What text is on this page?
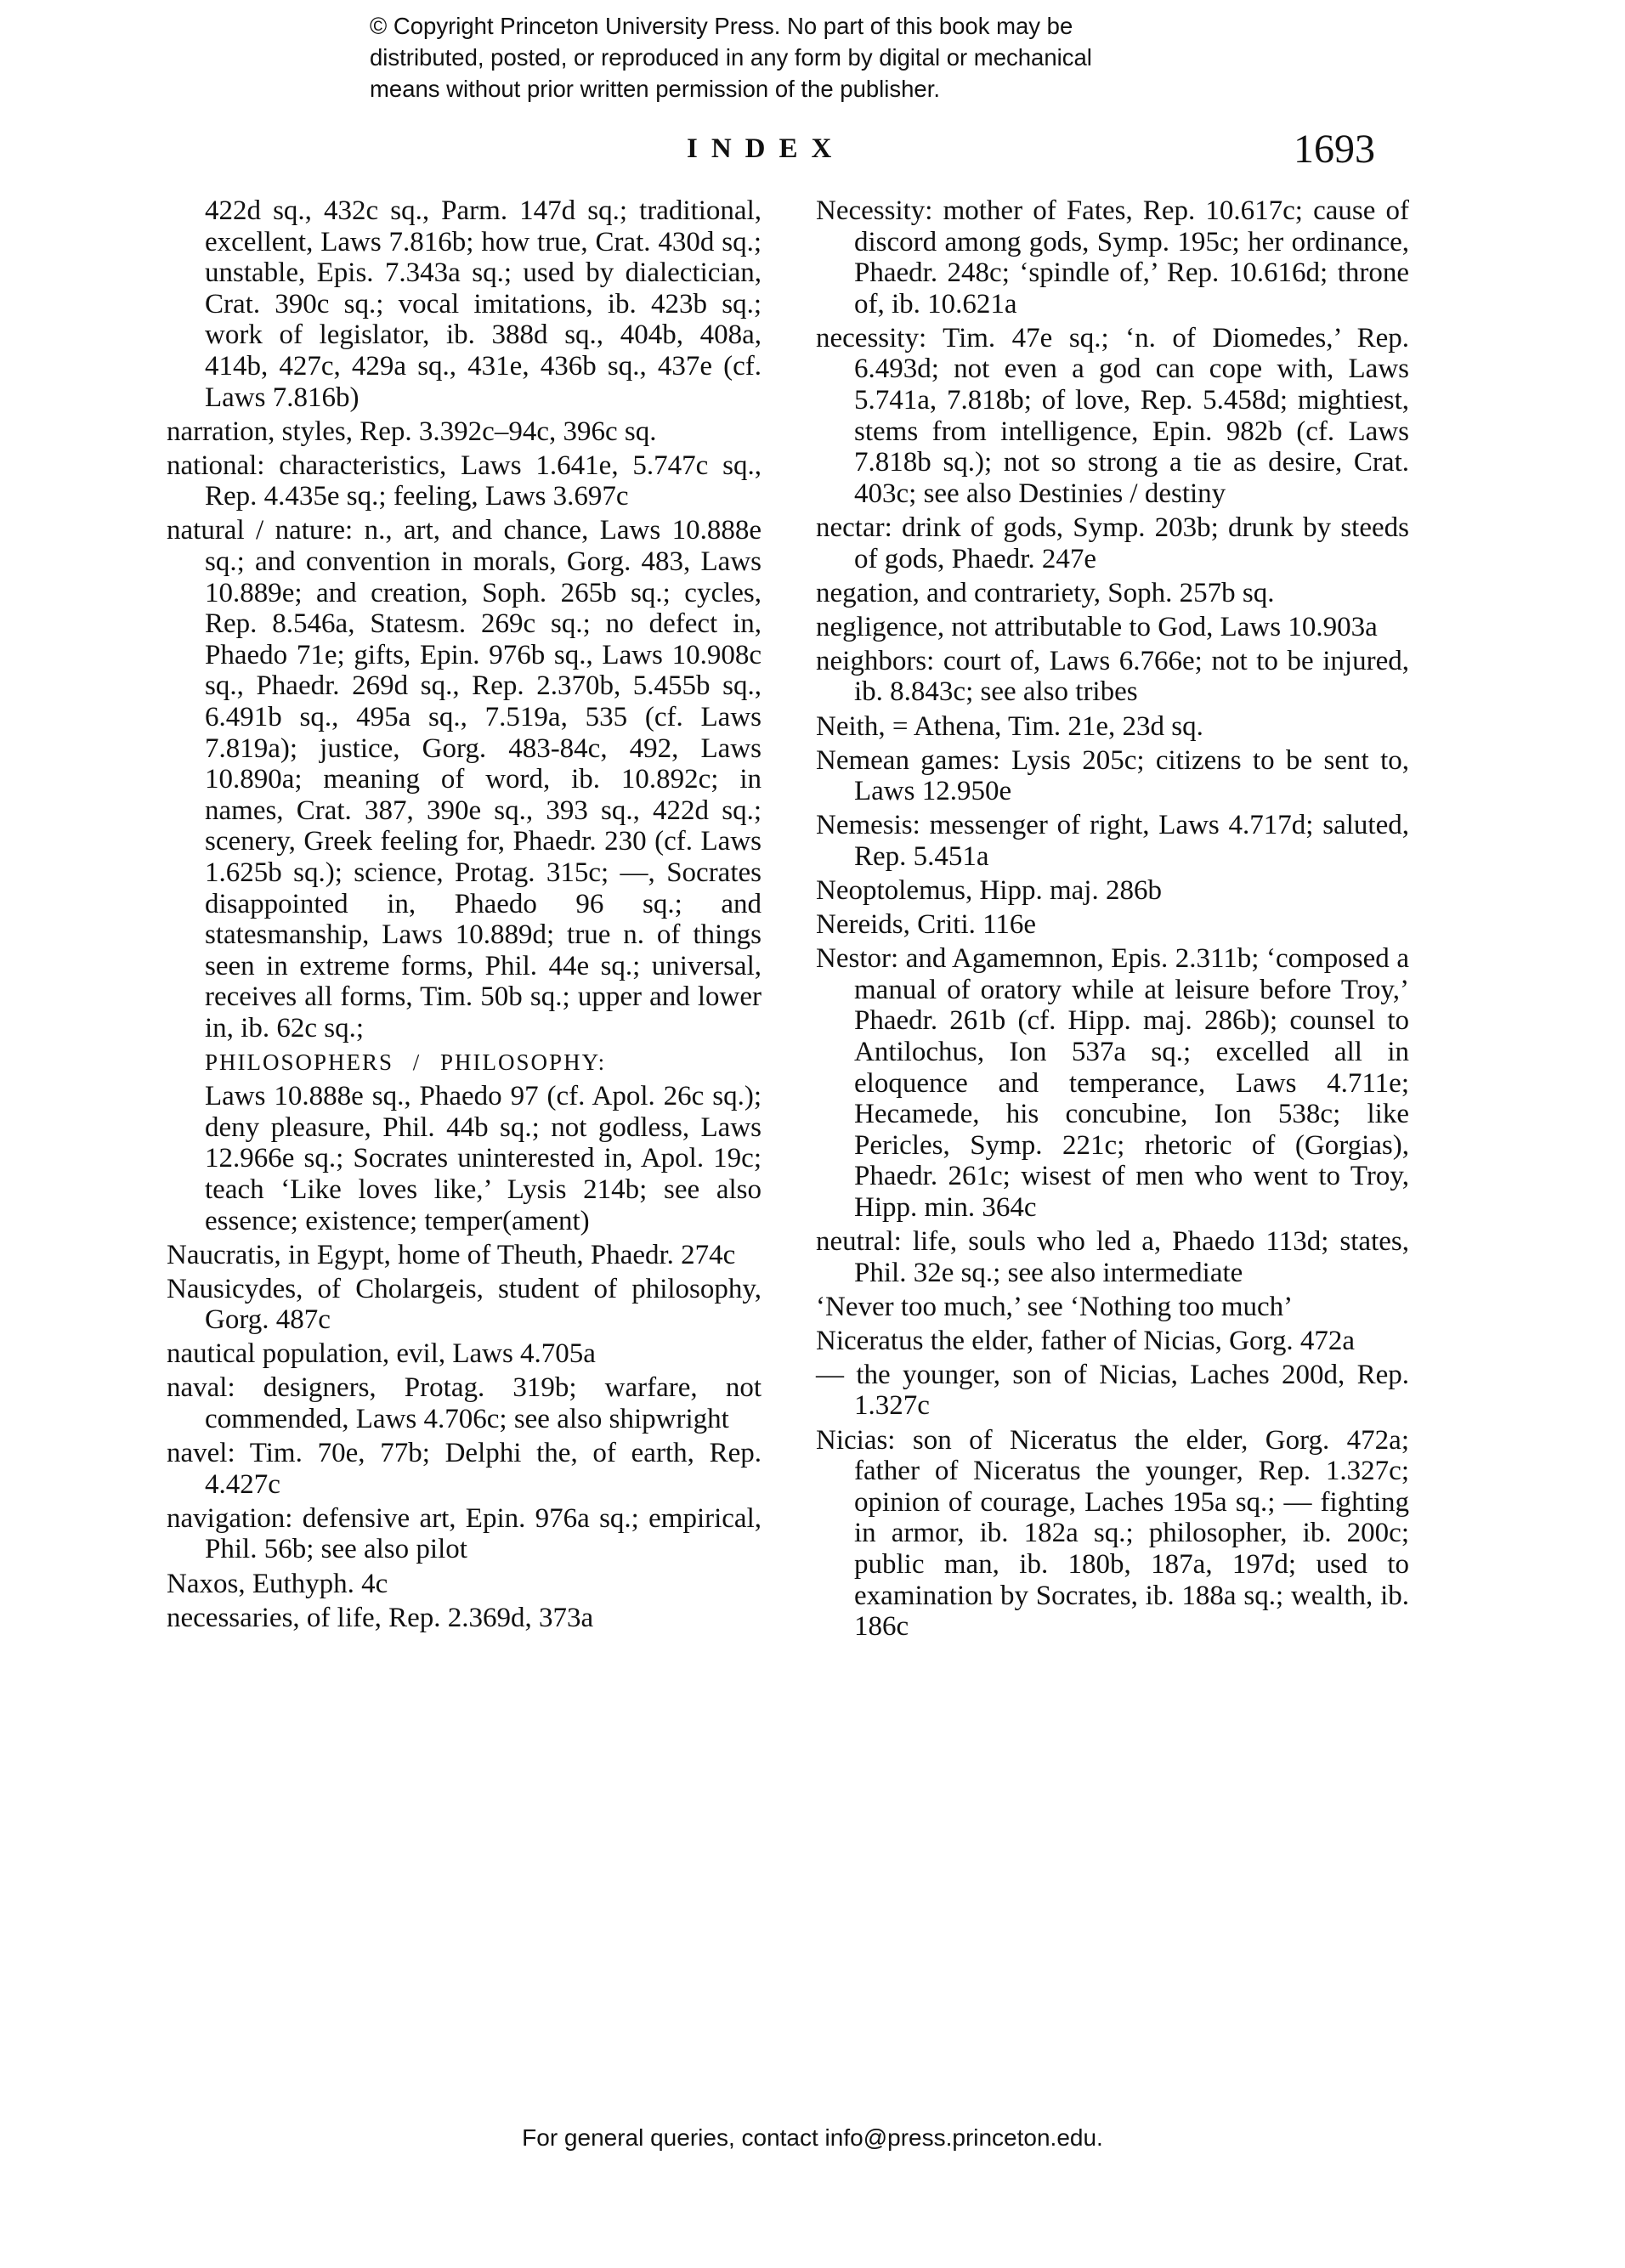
© Copyright Princeton University Press. No part of this book may be
distributed, posted, or reproduced in any form by digital or mechanical
means without prior written permission of the publisher.
INDEX	1693
422d sq., 432c sq., Parm. 147d sq.; traditional, excellent, Laws 7.816b; how true, Crat. 430d sq.; unstable, Epis. 7.343a sq.; used by dialectician, Crat. 390c sq.; vocal imitations, ib. 423b sq.; work of legislator, ib. 388d sq., 404b, 408a, 414b, 427c, 429a sq., 431e, 436b sq., 437e (cf. Laws 7.816b)
narration, styles, Rep. 3.392c–94c, 396c sq.
national: characteristics, Laws 1.641e, 5.747c sq., Rep. 4.435e sq.; feeling, Laws 3.697c
natural / nature: n., art, and chance, Laws 10.888e sq.; and convention in morals, Gorg. 483, Laws 10.889e; and creation, Soph. 265b sq.; cycles, Rep. 8.546a, Statesm. 269c sq.; no defect in, Phaedo 71e; gifts, Epin. 976b sq., Laws 10.908c sq., Phaedr. 269d sq., Rep. 2.370b, 5.455b sq., 6.491b sq., 495a sq., 7.519a, 535 (cf. Laws 7.819a); justice, Gorg. 483-84c, 492, Laws 10.890a; meaning of word, ib. 10.892c; in names, Crat. 387, 390e sq., 393 sq., 422d sq.; scenery, Greek feeling for, Phaedr. 230 (cf. Laws 1.625b sq.); science, Protag. 315c; —, Socrates disappointed in, Phaedo 96 sq.; and statesmanship, Laws 10.889d; true n. of things seen in extreme forms, Phil. 44e sq.; universal, receives all forms, Tim. 50b sq.; upper and lower in, ib. 62c sq.;
PHILOSOPHERS / PHILOSOPHY:
Laws 10.888e sq., Phaedo 97 (cf. Apol. 26c sq.); deny pleasure, Phil. 44b sq.; not godless, Laws 12.966e sq.; Socrates uninterested in, Apol. 19c; teach ‘Like loves like,’ Lysis 214b; see also essence; existence; temper(ament)
Naucratis, in Egypt, home of Theuth, Phaedr. 274c
Nausicydes, of Cholargeis, student of philosophy, Gorg. 487c
nautical population, evil, Laws 4.705a
naval: designers, Protag. 319b; warfare, not commended, Laws 4.706c; see also shipwright
navel: Tim. 70e, 77b; Delphi the, of earth, Rep. 4.427c
navigation: defensive art, Epin. 976a sq.; empirical, Phil. 56b; see also pilot
Naxos, Euthyph. 4c
necessaries, of life, Rep. 2.369d, 373a
Necessity: mother of Fates, Rep. 10.617c; cause of discord among gods, Symp. 195c; her ordinance, Phaedr. 248c; ‘spindle of,’ Rep. 10.616d; throne of, ib. 10.621a
necessity: Tim. 47e sq.; ‘n. of Diomedes,’ Rep. 6.493d; not even a god can cope with, Laws 5.741a, 7.818b; of love, Rep. 5.458d; mightiest, stems from intelligence, Epin. 982b (cf. Laws 7.818b sq.); not so strong a tie as desire, Crat. 403c; see also Destinies / destiny
nectar: drink of gods, Symp. 203b; drunk by steeds of gods, Phaedr. 247e
negation, and contrariety, Soph. 257b sq.
negligence, not attributable to God, Laws 10.903a
neighbors: court of, Laws 6.766e; not to be injured, ib. 8.843c; see also tribes
Neith, = Athena, Tim. 21e, 23d sq.
Nemean games: Lysis 205c; citizens to be sent to, Laws 12.950e
Nemesis: messenger of right, Laws 4.717d; saluted, Rep. 5.451a
Neoptolemus, Hipp. maj. 286b
Nereids, Criti. 116e
Nestor: and Agamemnon, Epis. 2.311b; ‘composed a manual of oratory while at leisure before Troy,’ Phaedr. 261b (cf. Hipp. maj. 286b); counsel to Antilochus, Ion 537a sq.; excelled all in eloquence and temperance, Laws 4.711e; Hecamede, his concubine, Ion 538c; like Pericles, Symp. 221c; rhetoric of (Gorgias), Phaedr. 261c; wisest of men who went to Troy, Hipp. min. 364c
neutral: life, souls who led a, Phaedo 113d; states, Phil. 32e sq.; see also intermediate
‘Never too much,’ see ‘Nothing too much’
Niceratus the elder, father of Nicias, Gorg. 472a
— the younger, son of Nicias, Laches 200d, Rep. 1.327c
Nicias: son of Niceratus the elder, Gorg. 472a; father of Niceratus the younger, Rep. 1.327c; opinion of courage, Laches 195a sq.; — fighting in armor, ib. 182a sq.; philosopher, ib. 200c; public man, ib. 180b, 187a, 197d; used to examination by Socrates, ib. 188a sq.; wealth, ib. 186c
For general queries, contact info@press.princeton.edu.
